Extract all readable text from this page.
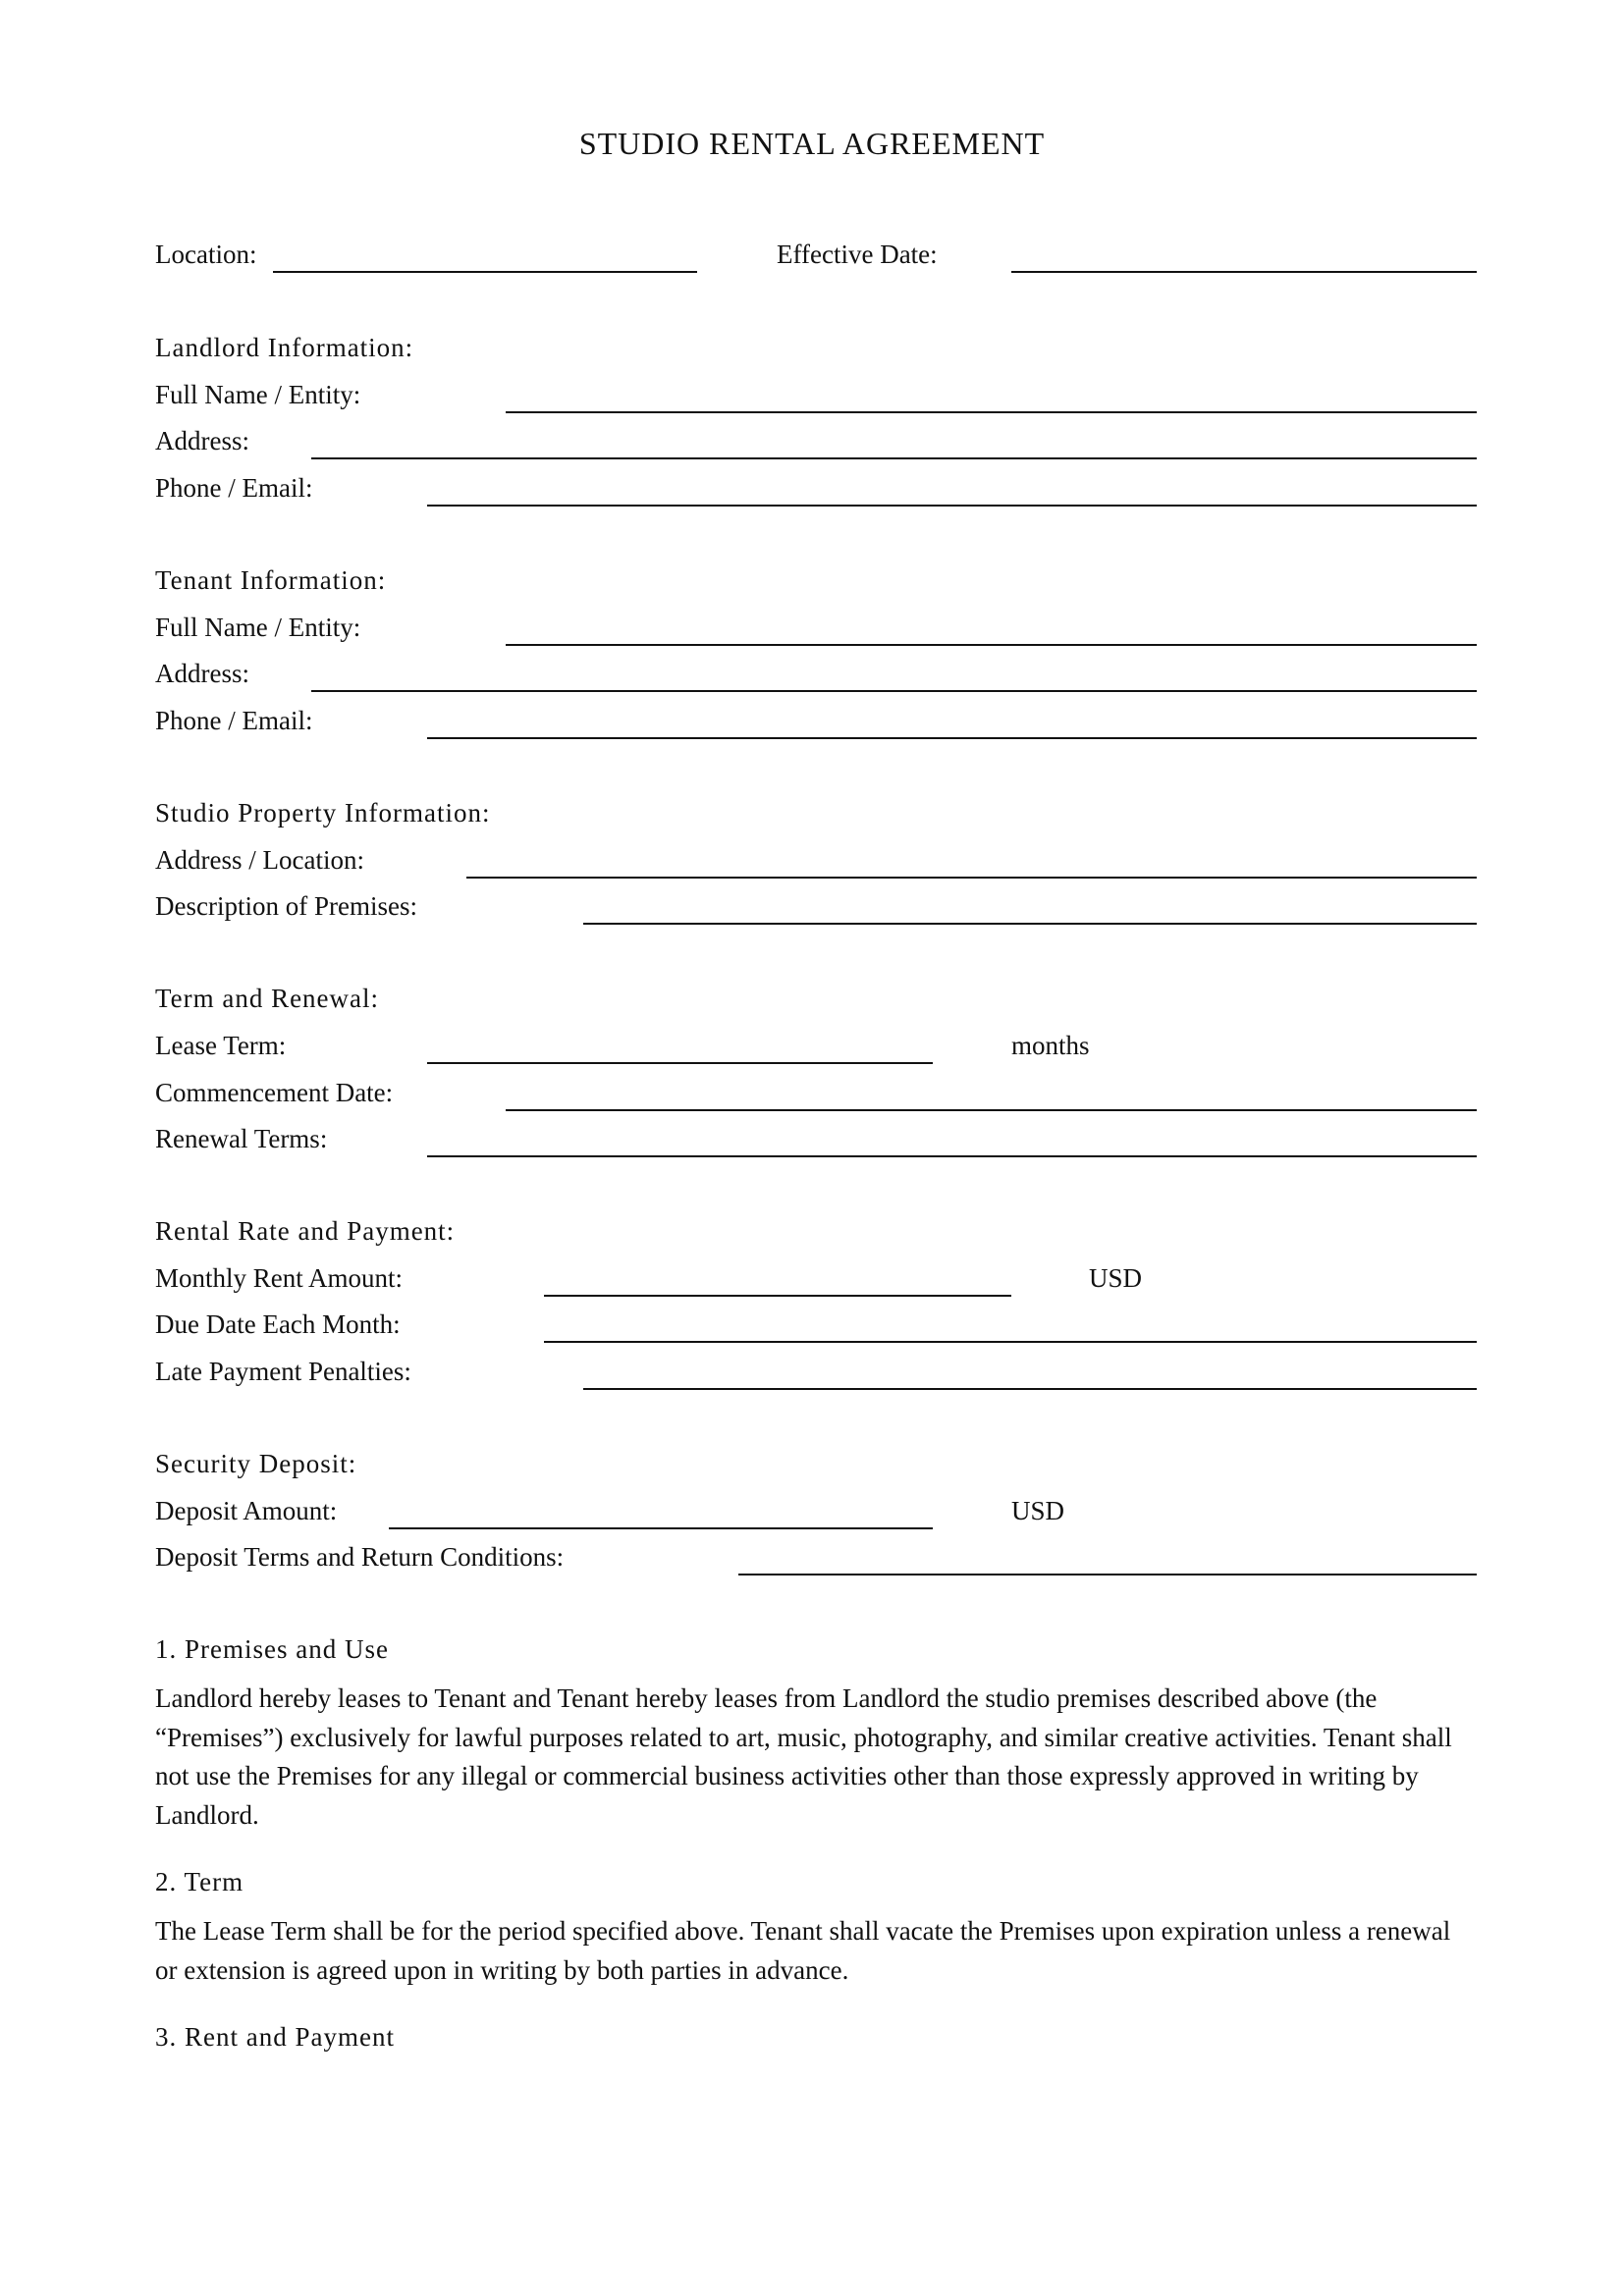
STUDIO RENTAL AGREEMENT
Location:	Effective Date:
Landlord Information:
Full Name / Entity:
Address:
Phone / Email:
Tenant Information:
Full Name / Entity:
Address:
Phone / Email:
Studio Property Information:
Address / Location:
Description of Premises:
Term and Renewal:
Lease Term:	months
Commencement Date:
Renewal Terms:
Rental Rate and Payment:
Monthly Rent Amount:	USD
Due Date Each Month:
Late Payment Penalties:
Security Deposit:
Deposit Amount:	USD
Deposit Terms and Return Conditions:
1. Premises and Use
Landlord hereby leases to Tenant and Tenant hereby leases from Landlord the studio premises described above (the “Premises”) exclusively for lawful purposes related to art, music, photography, and similar creative activities. Tenant shall not use the Premises for any illegal or commercial business activities other than those expressly approved in writing by Landlord.
2. Term
The Lease Term shall be for the period specified above. Tenant shall vacate the Premises upon expiration unless a renewal or extension is agreed upon in writing by both parties in advance.
3. Rent and Payment
